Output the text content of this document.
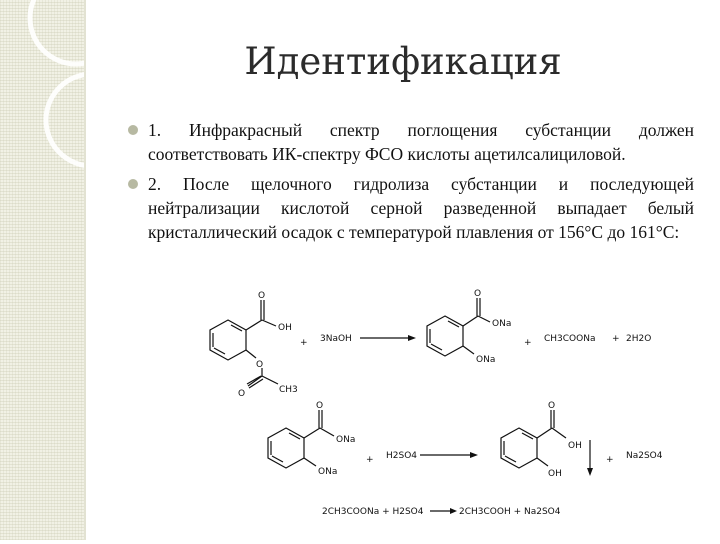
Идентификация
1. Инфракрасный спектр поглощения субстанции должен соответствовать ИК-спектру ФСО кислоты ацетилсалициловой.
2. После щелочного гидролиза субстанции и последующей нейтрализации кислотой серной разведенной выпадает белый кристаллический осадок с температурой плавления от 156°С до 161°С:
O
OH
O
O	CH3
+ 3NaOH
O
ONa
ONa
+ CH3COONa + 2H2O
O
ONa
ONa
+ H2SO4
O
OH
OH
+ Na2SO4
2CH3COONa + H2SO4	2CH3COOH + Na2SO4
